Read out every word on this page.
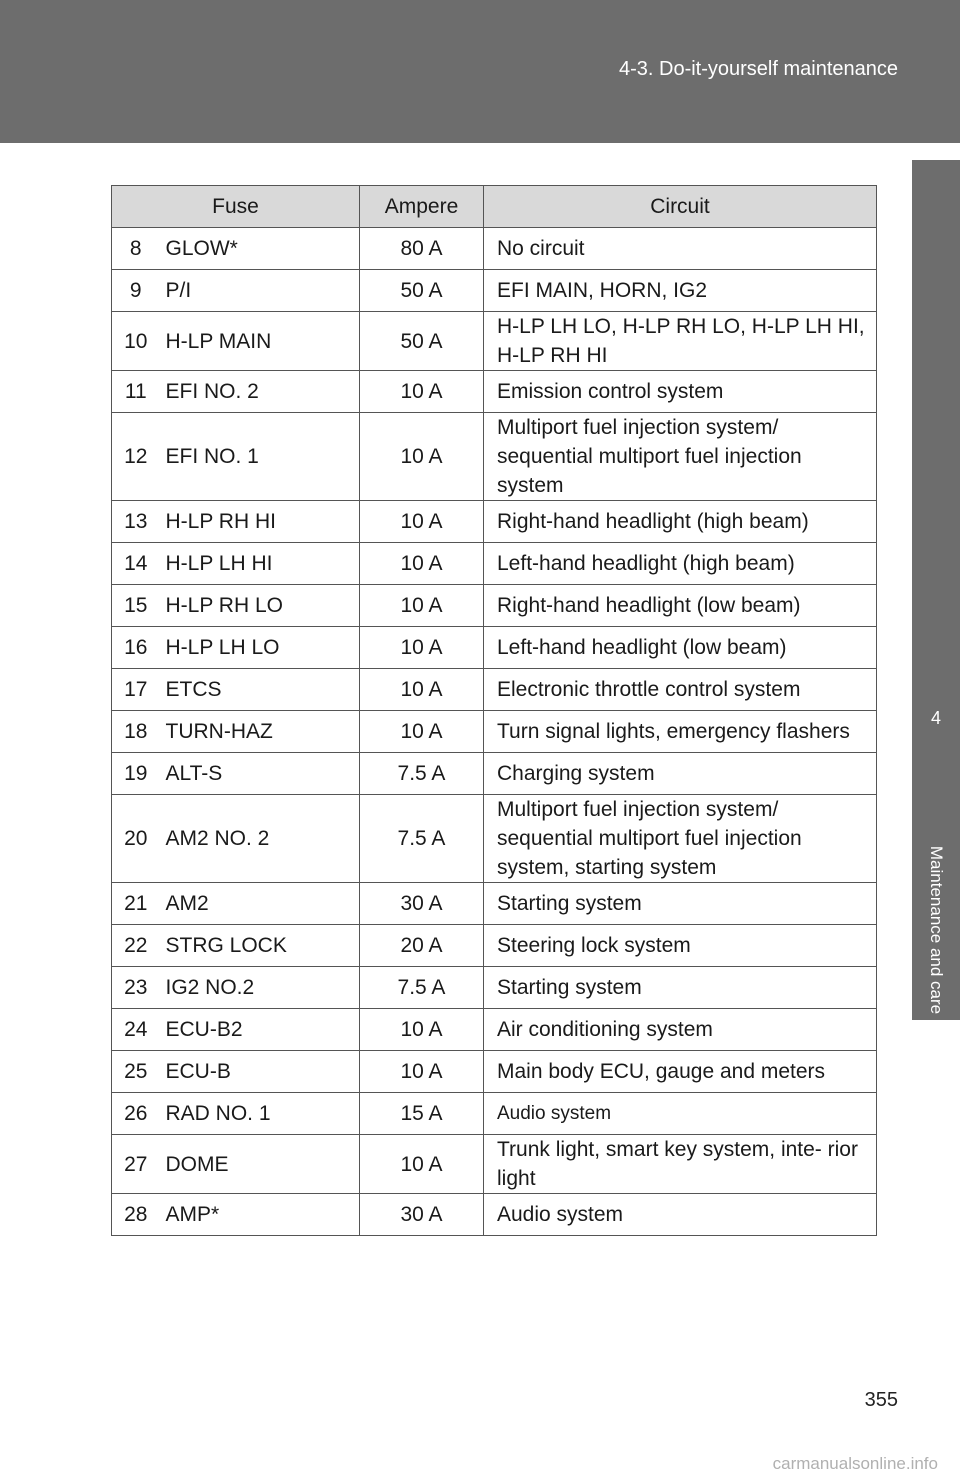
4-3. Do-it-yourself maintenance
4
Maintenance and care
Fuse		Ampere	Circuit
8	GLOW*	80 A	No circuit
9	P/I	50 A	EFI MAIN, HORN, IG2
10	H-LP MAIN	50 A	H-LP LH LO, H-LP RH LO, H-LP LH HI, H-LP RH HI
11	EFI NO. 2	10 A	Emission control system
12	EFI NO. 1	10 A	Multiport fuel injection system/ sequential multiport fuel injection system
13	H-LP RH HI	10 A	Right-hand headlight (high beam)
14	H-LP LH HI	10 A	Left-hand headlight (high beam)
15	H-LP RH LO	10 A	Right-hand headlight (low beam)
16	H-LP LH LO	10 A	Left-hand headlight (low beam)
17	ETCS	10 A	Electronic throttle control system
18	TURN-HAZ	10 A	Turn signal lights, emergency flashers
19	ALT-S	7.5 A	Charging system
20	AM2 NO. 2	7.5 A	Multiport fuel injection system/ sequential multiport fuel injection system, starting system
21	AM2	30 A	Starting system
22	STRG LOCK	20 A	Steering lock system
23	IG2 NO.2	7.5 A	Starting system
24	ECU-B2	10 A	Air conditioning system
25	ECU-B	10 A	Main body ECU, gauge and meters
26	RAD NO. 1	15 A	Audio system
27	DOME	10 A	Trunk light, smart key system, inte- rior light
28	AMP*	30 A	Audio system
355
carmanualsonline.info
